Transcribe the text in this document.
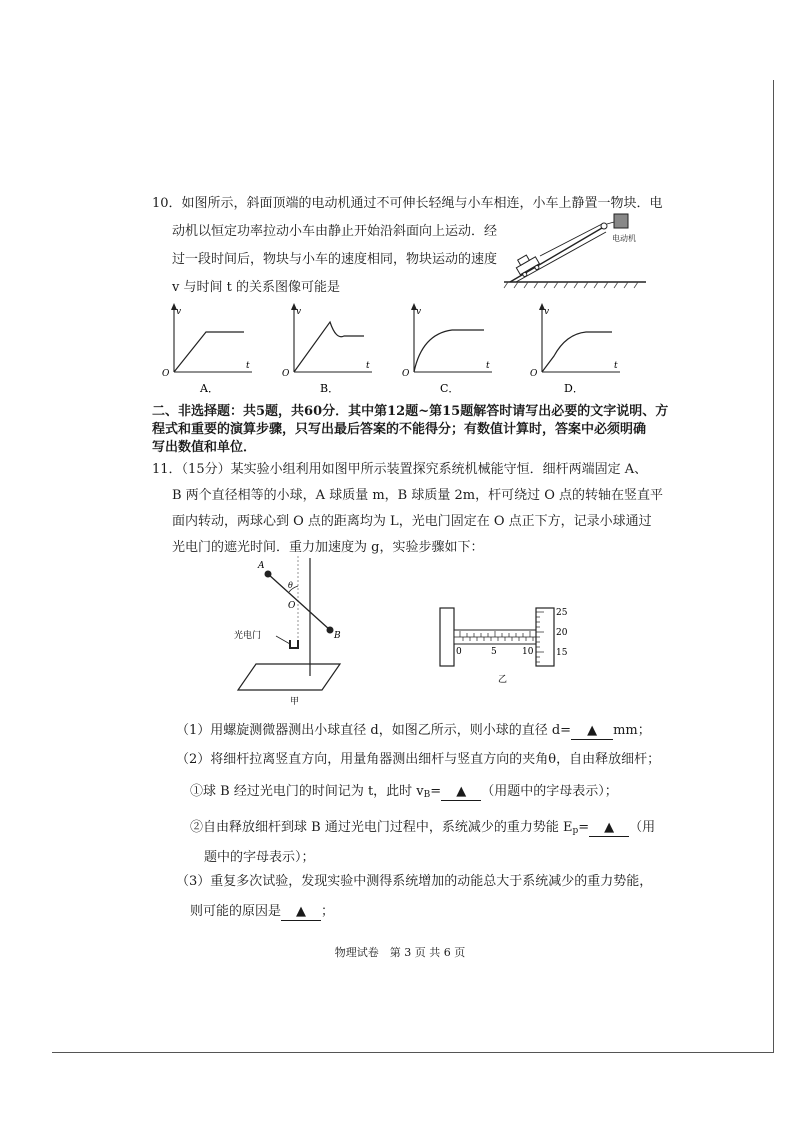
10．如图所示，斜面顶端的电动机通过不可伸长轻绳与小车相连，小车上静置一物块．电
动机以恒定功率拉动小车由静止开始沿斜面向上运动．经
过一段时间后，物块与小车的速度相同，物块运动的速度
v 与时间 t 的关系图像可能是
电动机
v
t
O
A．
v
t
O
B．
v
t
O
C．
v
t
O
D．
二、非选择题：共5题，共60分．其中第12题~第15题解答时请写出必要的文字说明、方
程式和重要的演算步骤，只写出最后答案的不能得分；有数值计算时，答案中必须明确
写出数值和单位．
11．（15分）某实验小组利用如图甲所示装置探究系统机械能守恒．细杆两端固定 A、
B 两个直径相等的小球，A 球质量 m，B 球质量 2m，杆可绕过 O 点的转轴在竖直平
面内转动，两球心到 O 点的距离均为 L，光电门固定在 O 点正下方，记录小球通过
光电门的遮光时间．重力加速度为 g，实验步骤如下：
A
B
O
θ
光电门
甲
0	5	10
25
20
15
乙
（1）用螺旋测微器测出小球直径 d，如图乙所示，则小球的直径 d= ▲ mm；
（2）将细杆拉离竖直方向，用量角器测出细杆与竖直方向的夹角θ，自由释放细杆；
①球 B 经过光电门的时间记为 t，此时 $v_B=$ ▲ （用题中的字母表示）；
②自由释放细杆到球 B 通过光电门过程中，系统减少的重力势能 $E_p=$ ▲ （用
题中的字母表示）；
（3）重复多次试验，发现实验中测得系统增加的动能总大于系统减少的重力势能，
则可能的原因是 ▲ ；
物理试卷　第 3 页 共 6 页
